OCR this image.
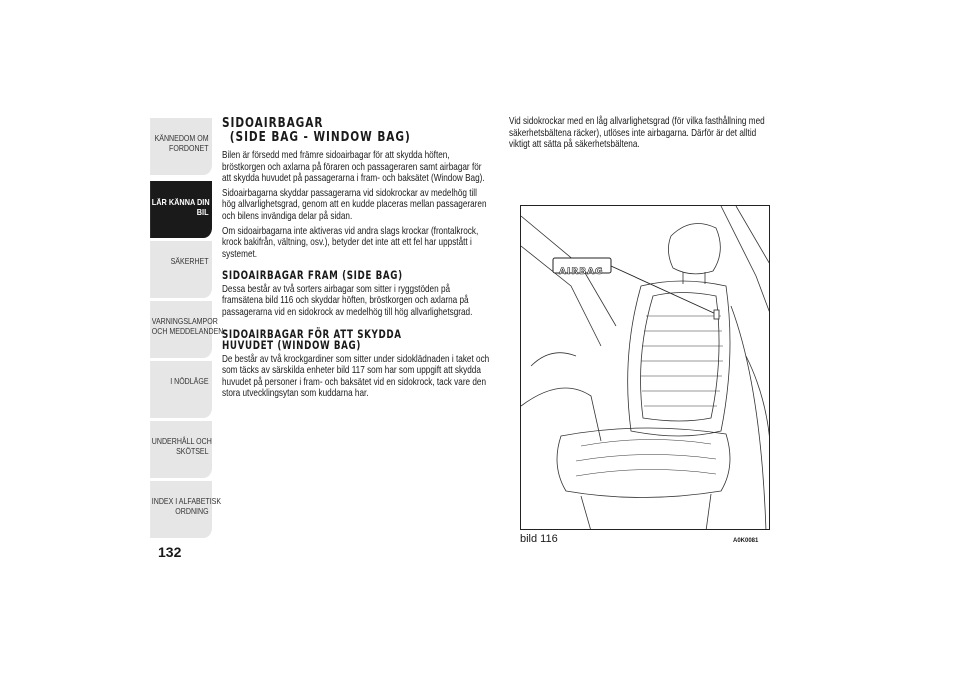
KÄNNEDOM OM
FORDONET
LÄR KÄNNA DIN
BIL
SÄKERHET
VARNINGSLAMPOR
OCH MEDDELANDEN
I NÖDLÄGE
UNDERHÅLL OCH
SKÖTSEL
INDEX I ALFABETISK
ORDNING
132
SIDOAIRBAGAR
(SIDE BAG - WINDOW BAG)

Bilen är försedd med främre sidoairbagar för att skydda höften, bröstkorgen och axlarna på föraren och passageraren samt airbagar för att skydda huvudet på passagerarna i fram- och baksätet (Window Bag).

Sidoairbagarna skyddar passagerarna vid sidokrockar av medelhög till hög allvarlighetsgrad, genom att en kudde placeras mellan passageraren och bilens invändiga delar på sidan.

Om sidoairbagarna inte aktiveras vid andra slags krockar (frontalkrock, krock bakifrån, vältning, osv.), betyder det inte att ett fel har uppstått i systemet.

SIDOAIRBAGAR FRAM (SIDE BAG)

Dessa består av två sorters airbagar som sitter i ryggstöden på framsätena bild 116 och skyddar höften, bröstkorgen och axlarna på passagerarna vid en sidokrock av medelhög till hög allvarlighetsgrad.

SIDOAIRBAGAR FÖR ATT SKYDDA
HUVUDET (WINDOW BAG)

De består av två krockgardiner som sitter under sidoklädnaden i taket och som täcks av särskilda enheter bild 117 som har som uppgift att skydda huvudet på personer i fram- och baksätet vid en sidokrock, tack vare den stora utvecklingsytan som kuddarna har.

Vid sidokrockar med en låg allvarlighetsgrad (för vilka fasthållning med säkerhetsbältena räcker), utlöses inte airbagarna. Därför är det alltid viktigt att sätta på säkerhetsbältena.

AIRBAG
bild 116	A0K0081
